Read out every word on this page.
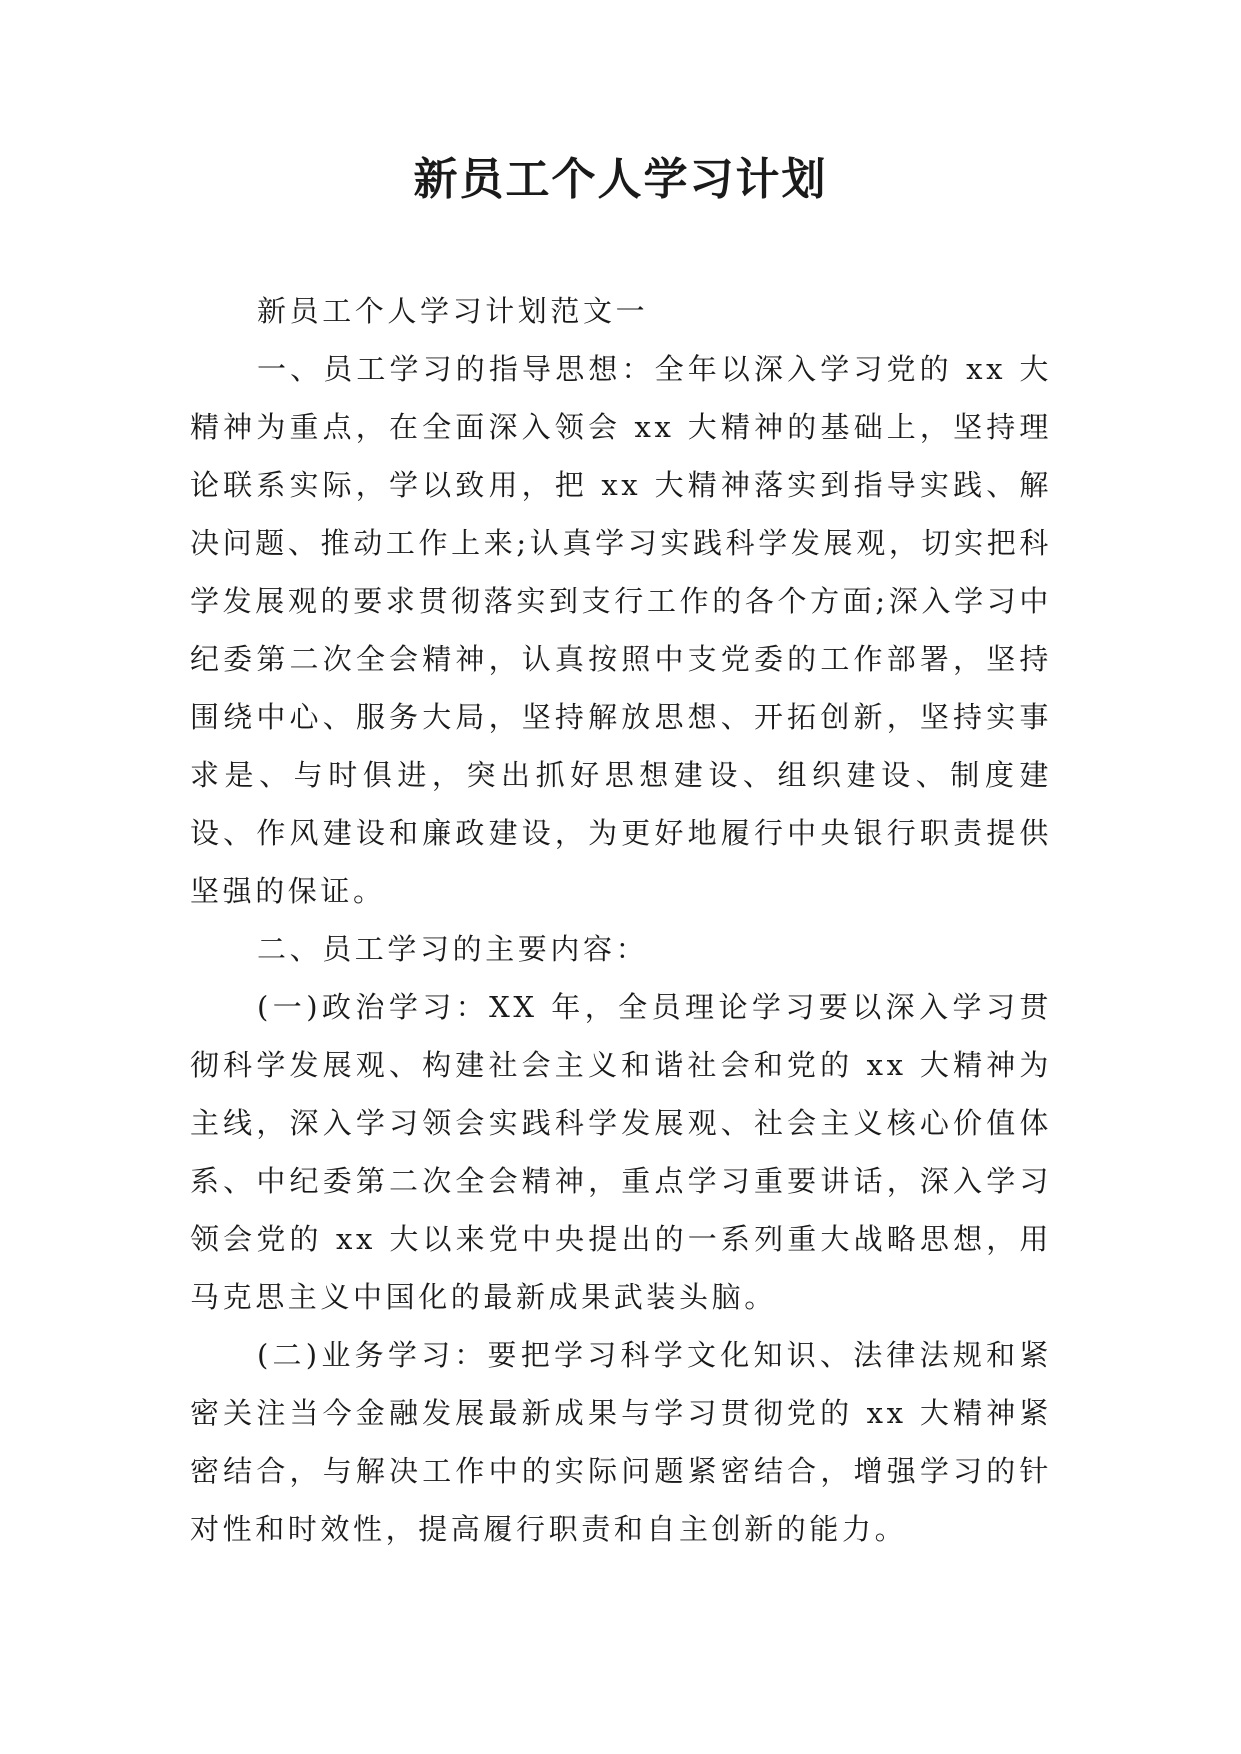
新员工个人学习计划

新员工个人学习计划范文一

一、员工学习的指导思想：全年以深入学习党的 xx 大精神为重点，在全面深入领会 xx 大精神的基础上，坚持理论联系实际，学以致用，把 xx 大精神落实到指导实践、解决问题、推动工作上来;认真学习实践科学发展观，切实把科学发展观的要求贯彻落实到支行工作的各个方面;深入学习中纪委第二次全会精神，认真按照中支党委的工作部署，坚持围绕中心、服务大局，坚持解放思想、开拓创新，坚持实事求是、与时俱进，突出抓好思想建设、组织建设、制度建设、作风建设和廉政建设，为更好地履行中央银行职责提供坚强的保证。

二、员工学习的主要内容：

(一)政治学习：XX 年，全员理论学习要以深入学习贯彻科学发展观、构建社会主义和谐社会和党的 xx 大精神为主线，深入学习领会实践科学发展观、社会主义核心价值体系、中纪委第二次全会精神，重点学习重要讲话，深入学习领会党的 xx 大以来党中央提出的一系列重大战略思想，用马克思主义中国化的最新成果武装头脑。

(二)业务学习：要把学习科学文化知识、法律法规和紧密关注当今金融发展最新成果与学习贯彻党的 xx 大精神紧密结合，与解决工作中的实际问题紧密结合，增强学习的针对性和时效性，提高履行职责和自主创新的能力。
